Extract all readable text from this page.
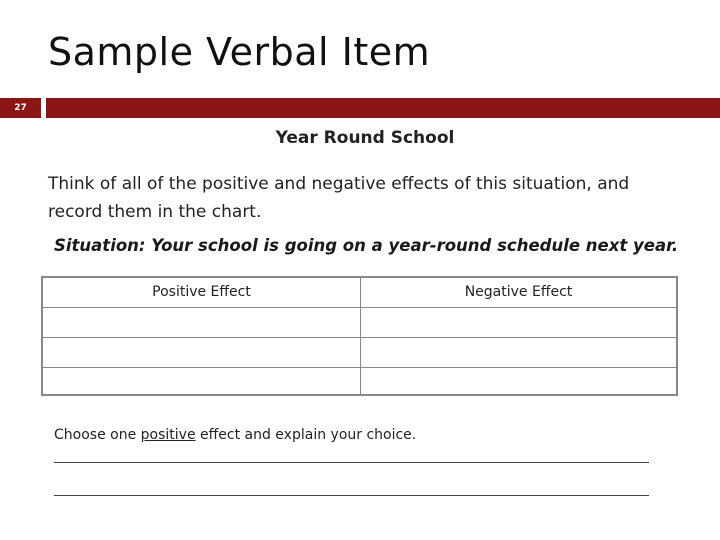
Sample Verbal Item
27
Year Round School
Think of all of the positive and negative effects of this situation, and record them in the chart.
Situation: Your school is going on a year-round schedule next year.
Positive Effect	Negative Effect
Choose one positive effect and explain your choice.
